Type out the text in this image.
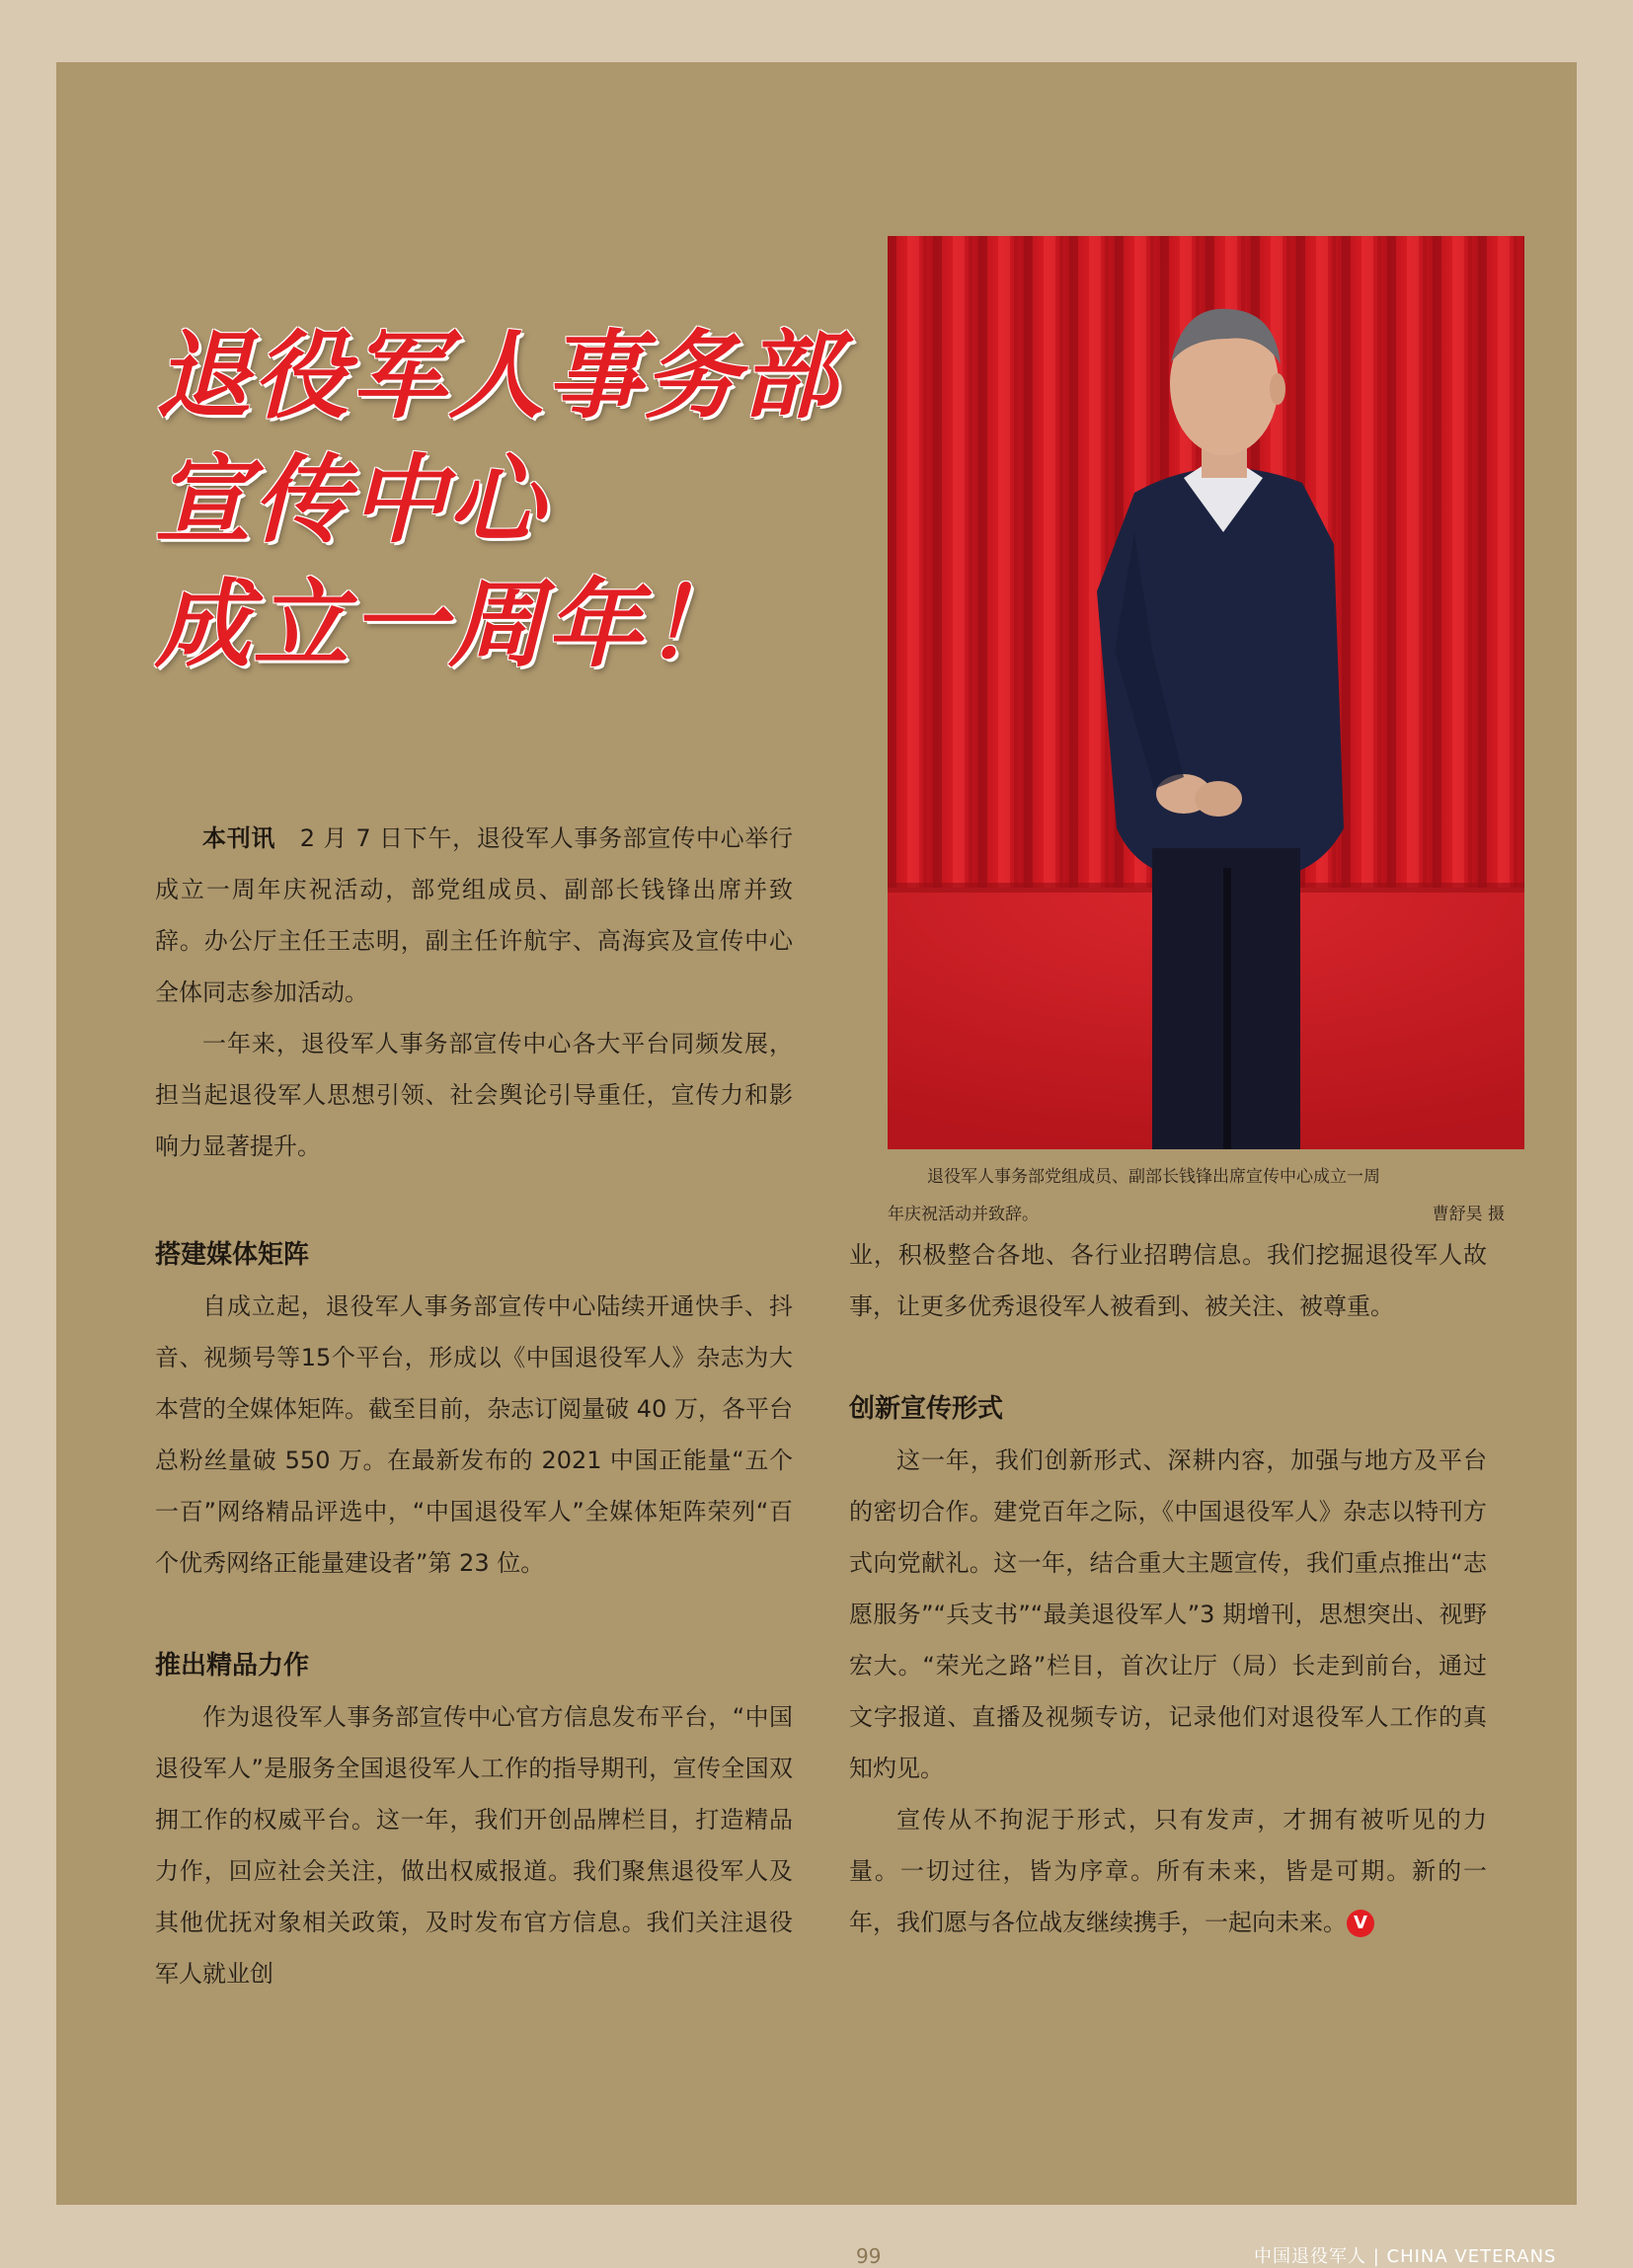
退役军人事务部
宣传中心
成立一周年！
退役军人事务部党组成员、副部长钱锋出席宣传中心成立一周
年庆祝活动并致辞。	曹舒昊 摄

本刊讯　 2 月 7 日下午，退役军人事务部宣传中心举行成立一周年庆祝活动，部党组成员、副部长钱锋出席并致辞。办公厅主任王志明，副主任许航宇、高海宾及宣传中心全体同志参加活动。

一年来，退役军人事务部宣传中心各大平台同频发展，担当起退役军人思想引领、社会舆论引导重任，宣传力和影响力显著提升。

搭建媒体矩阵

自成立起，退役军人事务部宣传中心陆续开通快手、抖音、视频号等15个平台，形成以《中国退役军人》杂志为大本营的全媒体矩阵。截至目前，杂志订阅量破 40 万，各平台总粉丝量破 550 万。在最新发布的 2021 中国正能量“五个一百”网络精品评选中，“中国退役军人”全媒体矩阵荣列“百个优秀网络正能量建设者”第 23 位。

推出精品力作

作为退役军人事务部宣传中心官方信息发布平台，“中国退役军人”是服务全国退役军人工作的指导期刊，宣传全国双拥工作的权威平台。这一年，我们开创品牌栏目，打造精品力作，回应社会关注，做出权威报道。我们聚焦退役军人及其他优抚对象相关政策，及时发布官方信息。我们关注退役军人就业创

业，积极整合各地、各行业招聘信息。我们挖掘退役军人故事，让更多优秀退役军人被看到、被关注、被尊重。

创新宣传形式

这一年，我们创新形式、深耕内容，加强与地方及平台的密切合作。建党百年之际，《中国退役军人》杂志以特刊方式向党献礼。这一年，结合重大主题宣传，我们重点推出“志愿服务”“兵支书”“最美退役军人”3 期增刊，思想突出、视野宏大。“荣光之路”栏目，首次让厅（局）长走到前台，通过文字报道、直播及视频专访，记录他们对退役军人工作的真知灼见。

宣传从不拘泥于形式，只有发声，才拥有被听见的力量。一切过往，皆为序章。所有未来，皆是可期。新的一年，我们愿与各位战友继续携手，一起向未来。 V

99	中国退役军人 | CHINA VETERANS
